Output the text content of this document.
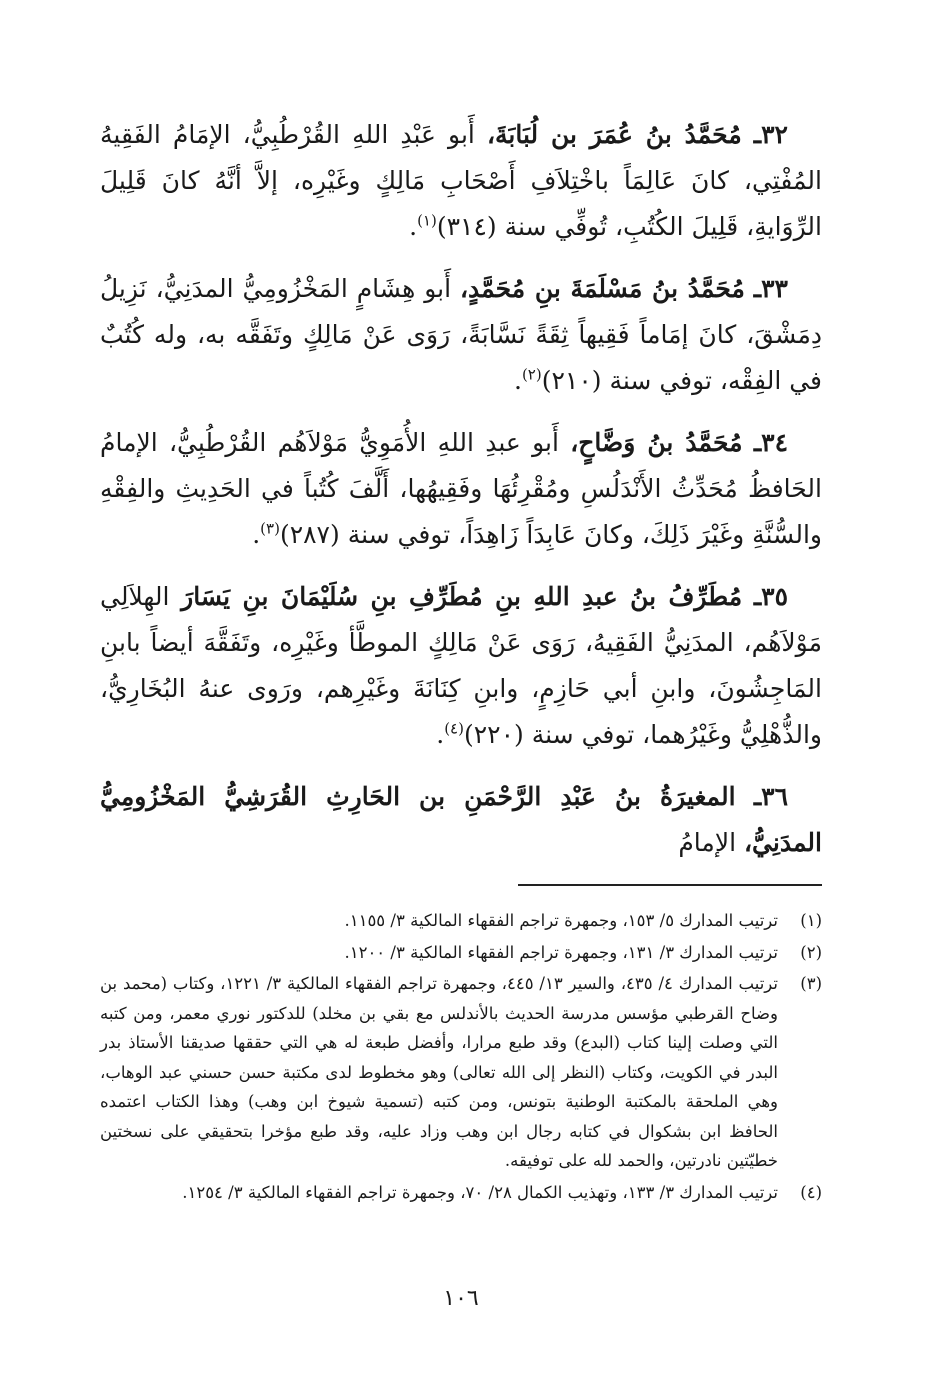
٣٢ـ مُحَمَّدُ بنُ عُمَرَ بن لُبَابَةَ، أَبو عَبْدِ اللهِ القُرْطُبِيُّ، الإمَامُ الفَقِيهُ المُفْتِي، كانَ عَالِمَاً باخْتِلاَفِ أَصْحَابِ مَالِكٍ وغَيْرِه، إلاَّ أنَّهُ كانَ قَلِيلَ الرِّوَايةِ، قَلِيلَ الكُتُبِ، تُوفِّي سنة (٣١٤)$^{(١)}$.

٣٣ـ مُحَمَّدُ بنُ مَسْلَمَةَ بنِ مُحَمَّدٍ، أَبو هِشَامٍ المَخْزُومِيُّ المدَنِيُّ، نَزِيلُ دِمَشْقَ، كانَ إمَاماً فَقِيهاً ثِقَةً نَسَّابَةً، رَوَى عَنْ مَالِكٍ وتَفَقَّه به، وله كُتُبٌ في الفِقْه، توفي سنة (٢١٠)$^{(٢)}$.

٣٤ـ مُحَمَّدُ بنُ وَضَّاحٍ، أَبو عبدِ اللهِ الأُمَوِيُّ مَوْلاَهُم القُرْطُبِيُّ، الإمامُ الحَافظُ مُحَدِّثُ الأَنْدَلُسِ ومُقْرِئُهَا وفَقِيهُها، أَلَّفَ كُتُباً في الحَدِيثِ والفِقْهِ والسُّنَّةِ وغَيْرَ ذَلِكَ، وكانَ عَابِدَاً زَاهِدَاً، توفي سنة (٢٨٧)$^{(٣)}$.

٣٥ـ مُطَرِّفُ بنُ عبدِ اللهِ بنِ مُطَرِّفِ بنِ سُلَيْمَانَ بنِ يَسَارَ الهِلاَلِي مَوْلاَهُم، المدَنِيُّ الفَقِيهُ، رَوَى عَنْ مَالِكٍ الموطَّأ وغَيْرِه، وتَفَقَّهَ أيضاً بابنِ المَاجِشُونَ، وابنِ أبي حَازِمٍ، وابنِ كِنَانَةَ وغَيْرِهم، ورَوى عنهُ البُخَارِيُّ، والذُّهْلِيُّ وغَيْرُهما، توفي سنة (٢٢٠)$^{(٤)}$.

٣٦ـ المغيرَةُ بنُ عَبْدِ الرَّحْمَنِ بن الحَارِثِ القُرَشِيُّ المَخْزُومِيُّ المدَنِيُّ، الإمامُ

(١)
ترتيب المدارك ٥/ ١٥٣، وجمهرة تراجم الفقهاء المالكية ٣/ ١١٥٥.
(٢)
ترتيب المدارك ٣/ ١٣١، وجمهرة تراجم الفقهاء المالكية ٣/ ١٢٠٠.
(٣)
ترتيب المدارك ٤/ ٤٣٥، والسير ١٣/ ٤٤٥، وجمهرة تراجم الفقهاء المالكية ٣/ ١٢٢١، وكتاب (محمد بن وضاح القرطبي مؤسس مدرسة الحديث بالأندلس مع بقي بن مخلد) للدكتور نوري معمر، ومن كتبه التي وصلت إلينا كتاب (البدع) وقد طبع مرارا، وأفضل طبعة له هي التي حققها صديقنا الأستاذ بدر البدر في الكويت، وكتاب (النظر إلى الله تعالى) وهو مخطوط لدى مكتبة حسن حسني عبد الوهاب، وهي الملحقة بالمكتبة الوطنية بتونس، ومن كتبه (تسمية شيوخ ابن وهب) وهذا الكتاب اعتمده الحافظ ابن بشكوال في كتابه رجال ابن وهب وزاد عليه، وقد طبع مؤخرا بتحقيقي على نسختين خطيّتين نادرتين، والحمد لله على توفيقه.
(٤)
ترتيب المدارك ٣/ ١٣٣، وتهذيب الكمال ٢٨/ ٧٠، وجمهرة تراجم الفقهاء المالكية ٣/ ١٢٥٤.
١٠٦
